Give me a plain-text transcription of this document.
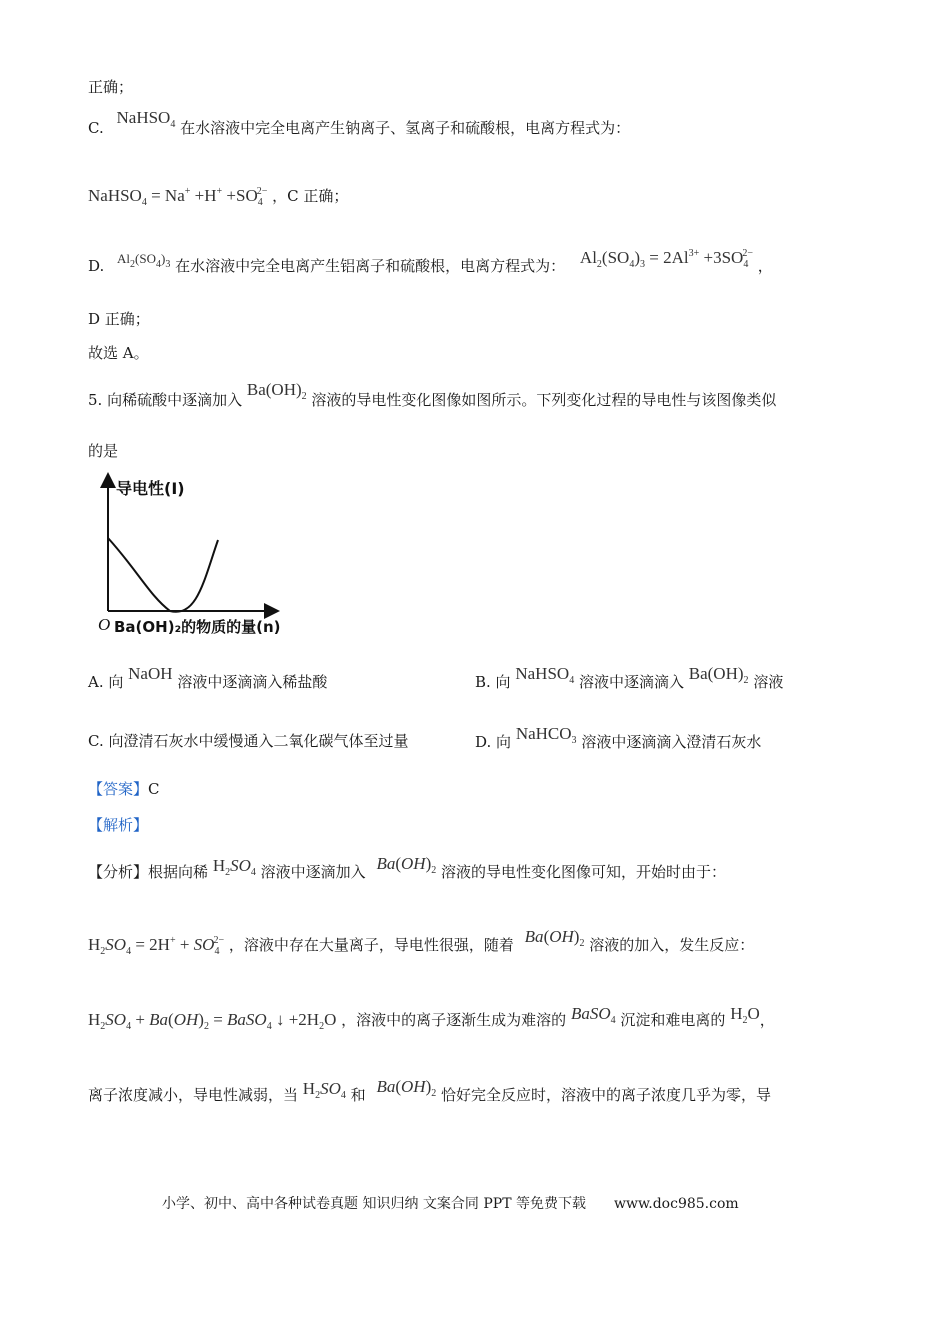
正确；
C. NaHSO$_4$ 在水溶液中完全电离产生钠离子、氢离子和硫酸根，电离方程式为：
NaHSO$_4$ = $Na^+ +H^+ +SO_4^{2-}$ ，C 正确；
D. $Al_2(SO_4)_3$ 在水溶液中完全电离产生铝离子和硫酸根，电离方程式为： $Al_2(SO_4)_3 = 2Al^{3+} +3SO_4^{2-}$ ，
D 正确；
故选 A。
5. 向稀硫酸中逐滴加入 $Ba(OH)_2$ 溶液的导电性变化图像如图所示。下列变化过程的导电性与该图像类似
的是
导电性(I)
O Ba(OH)₂的物质的量(n)
A. 向 NaOH 溶液中逐滴滴入稀盐酸	B. 向 NaHSO$_4$ 溶液中逐滴滴入 $Ba(OH)_2$ 溶液
C. 向澄清石灰水中缓慢通入二氧化碳气体至过量	D. 向 NaHCO$_3$ 溶液中逐滴滴入澄清石灰水
【答案】C
【解析】
【分析】根据向稀 $H_2SO_4$ 溶液中逐滴加入 $Ba(OH)_2$ 溶液的导电性变化图像可知，开始时由于：
$H_2SO_4 = 2H^+ + SO_4^{2-}$ ，溶液中存在大量离子，导电性很强，随着 $Ba(OH)_2$ 溶液的加入，发生反应：
$H_2SO_4 + Ba(OH)_2$ = BaSO$_4$ ↓ $+2H_2O$ ，溶液中的离子逐渐生成为难溶的 BaSO$_4$ 沉淀和难电离的 $H_2O$，
离子浓度减小，导电性减弱，当 $H_2SO_4$ 和 $Ba(OH)_2$ 恰好完全反应时，溶液中的离子浓度几乎为零，导
小学、初中、高中各种试卷真题 知识归纳 文案合同 PPT 等免费下载 www.doc985.com
